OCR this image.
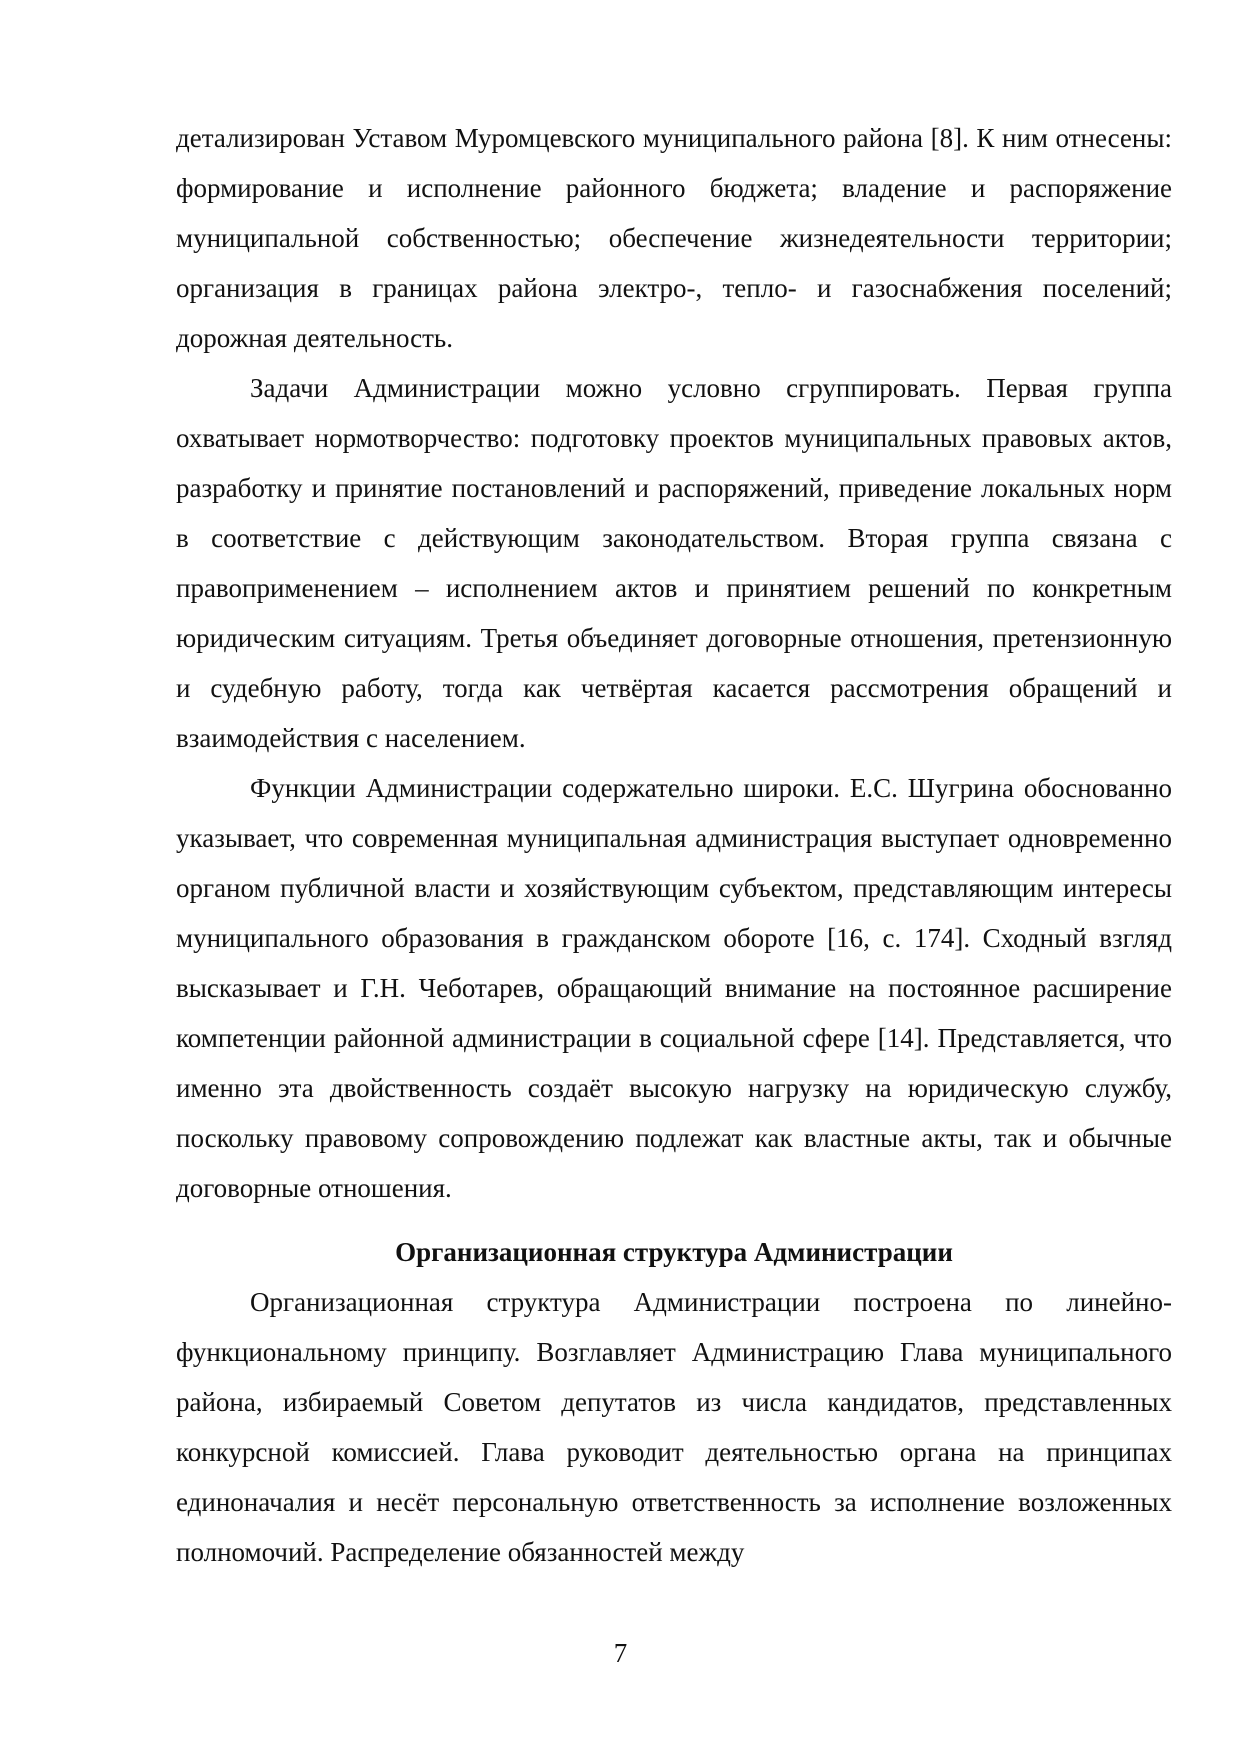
детализирован Уставом Муромцевского муниципального района [8]. К ним отнесены: формирование и исполнение районного бюджета; владение и распоряжение муниципальной собственностью; обеспечение жизнедеятельности территории; организация в границах района электро-, тепло- и газоснабжения поселений; дорожная деятельность.

Задачи Администрации можно условно сгруппировать. Первая группа охватывает нормотворчество: подготовку проектов муниципальных правовых актов, разработку и принятие постановлений и распоряжений, приведение локальных норм в соответствие с действующим законодательством. Вторая группа связана с правоприменением – исполнением актов и принятием решений по конкретным юридическим ситуациям. Третья объединяет договорные отношения, претензионную и судебную работу, тогда как четвёртая касается рассмотрения обращений и взаимодействия с населением.

Функции Администрации содержательно широки. Е.С. Шугрина обоснованно указывает, что современная муниципальная администрация выступает одновременно органом публичной власти и хозяйствующим субъектом, представляющим интересы муниципального образования в гражданском обороте [16, с. 174]. Сходный взгляд высказывает и Г.Н. Чеботарев, обращающий внимание на постоянное расширение компетенции районной администрации в социальной сфере [14]. Представляется, что именно эта двойственность создаёт высокую нагрузку на юридическую службу, поскольку правовому сопровождению подлежат как властные акты, так и обычные договорные отношения.

Организационная структура Администрации

Организационная структура Администрации построена по линейно-функциональному принципу. Возглавляет Администрацию Глава муниципального района, избираемый Советом депутатов из числа кандидатов, представленных конкурсной комиссией. Глава руководит деятельностью органа на принципах единоначалия и несёт персональную ответственность за исполнение возложенных полномочий. Распределение обязанностей между

7
